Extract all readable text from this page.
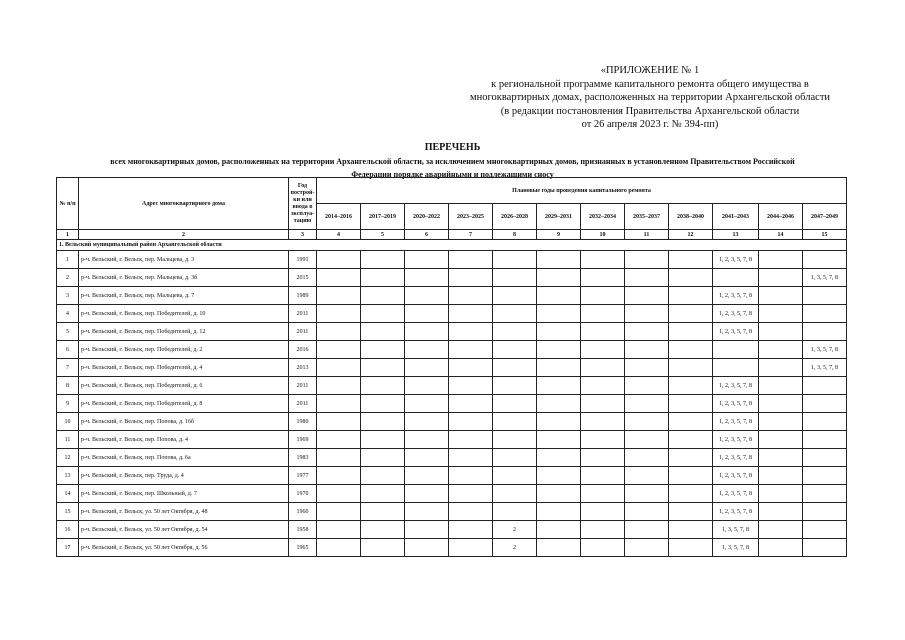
«ПРИЛОЖЕНИЕ № 1
к региональной программе капитального ремонта общего имущества в
многоквартирных домах, расположенных на территории Архангельской области
(в редакции постановления Правительства Архангельской области
от 26 апреля 2023 г. № 394-пп)
ПЕРЕЧЕНЬ
всех многоквартирных домов, расположенных на территории Архангельской области, за исключением многоквартирных домов, признанных в установленном Правительством Российской
Федерации порядке аварийными и подлежащими сносу
№ п/п	Адрес многоквартирного дома	Год построй-ки или ввода в эксплуа-тацию	Плановые годы проведения капитального ремонта											
			2014–2016	2017–2019	2020–2022	2023–2025	2026–2028	2029–2031	2032–2034	2035–2037	2038–2040	2041–2043	2044–2046	2047–2049
1	2	3	4	5	6	7	8	9	10	11	12	13	14	15
1. Вельский муниципальный район Архангельской области														
1	р-ч. Вельский, г. Вельск, пер. Мальцева, д. 3	1991										1, 2, 3, 5, 7, 8		
2	р-ч. Вельский, г. Вельск, пер. Мальцева, д. 3б	2015												1, 3, 5, 7, 8
3	р-ч. Вельский, г. Вельск, пер. Мальцева, д. 7	1989										1, 2, 3, 5, 7, 8		
4	р-ч. Вельский, г. Вельск, пер. Победителей, д. 10	2011										1, 2, 3, 5, 7, 8		
5	р-ч. Вельский, г. Вельск, пер. Победителей, д. 12	2011										1, 2, 3, 5, 7, 8		
6	р-ч. Вельский, г. Вельск, пер. Победителей, д. 2	2016												1, 3, 5, 7, 8
7	р-ч. Вельский, г. Вельск, пер. Победителей, д. 4	2013												1, 3, 5, 7, 8
8	р-ч. Вельский, г. Вельск, пер. Победителей, д. 6	2011										1, 2, 3, 5, 7, 8		
9	р-ч. Вельский, г. Вельск, пер. Победителей, д. 8	2011										1, 2, 3, 5, 7, 8		
10	р-ч. Вельский, г. Вельск, пер. Попова, д. 16б	1980										1, 2, 3, 5, 7, 8		
11	р-ч. Вельский, г. Вельск, пер. Попова, д. 4	1969										1, 2, 3, 5, 7, 8		
12	р-ч. Вельский, г. Вельск, пер. Попова, д. 6а	1983										1, 2, 3, 5, 7, 8		
13	р-ч. Вельский, г. Вельск, пер. Труда, д. 4	1977										1, 2, 3, 5, 7, 8		
14	р-ч. Вельский, г. Вельск, пер. Школьный, д. 7	1970										1, 2, 3, 5, 7, 8		
15	р-ч. Вельский, г. Вельск, ул. 50 лет Октября, д. 48	1960										1, 2, 3, 5, 7, 8		
16	р-ч. Вельский, г. Вельск, ул. 50 лет Октября, д. 54	1958					2					1, 3, 5, 7, 8		
17	р-ч. Вельский, г. Вельск, ул. 50 лет Октября, д. 56	1965					2					1, 3, 5, 7, 8		
